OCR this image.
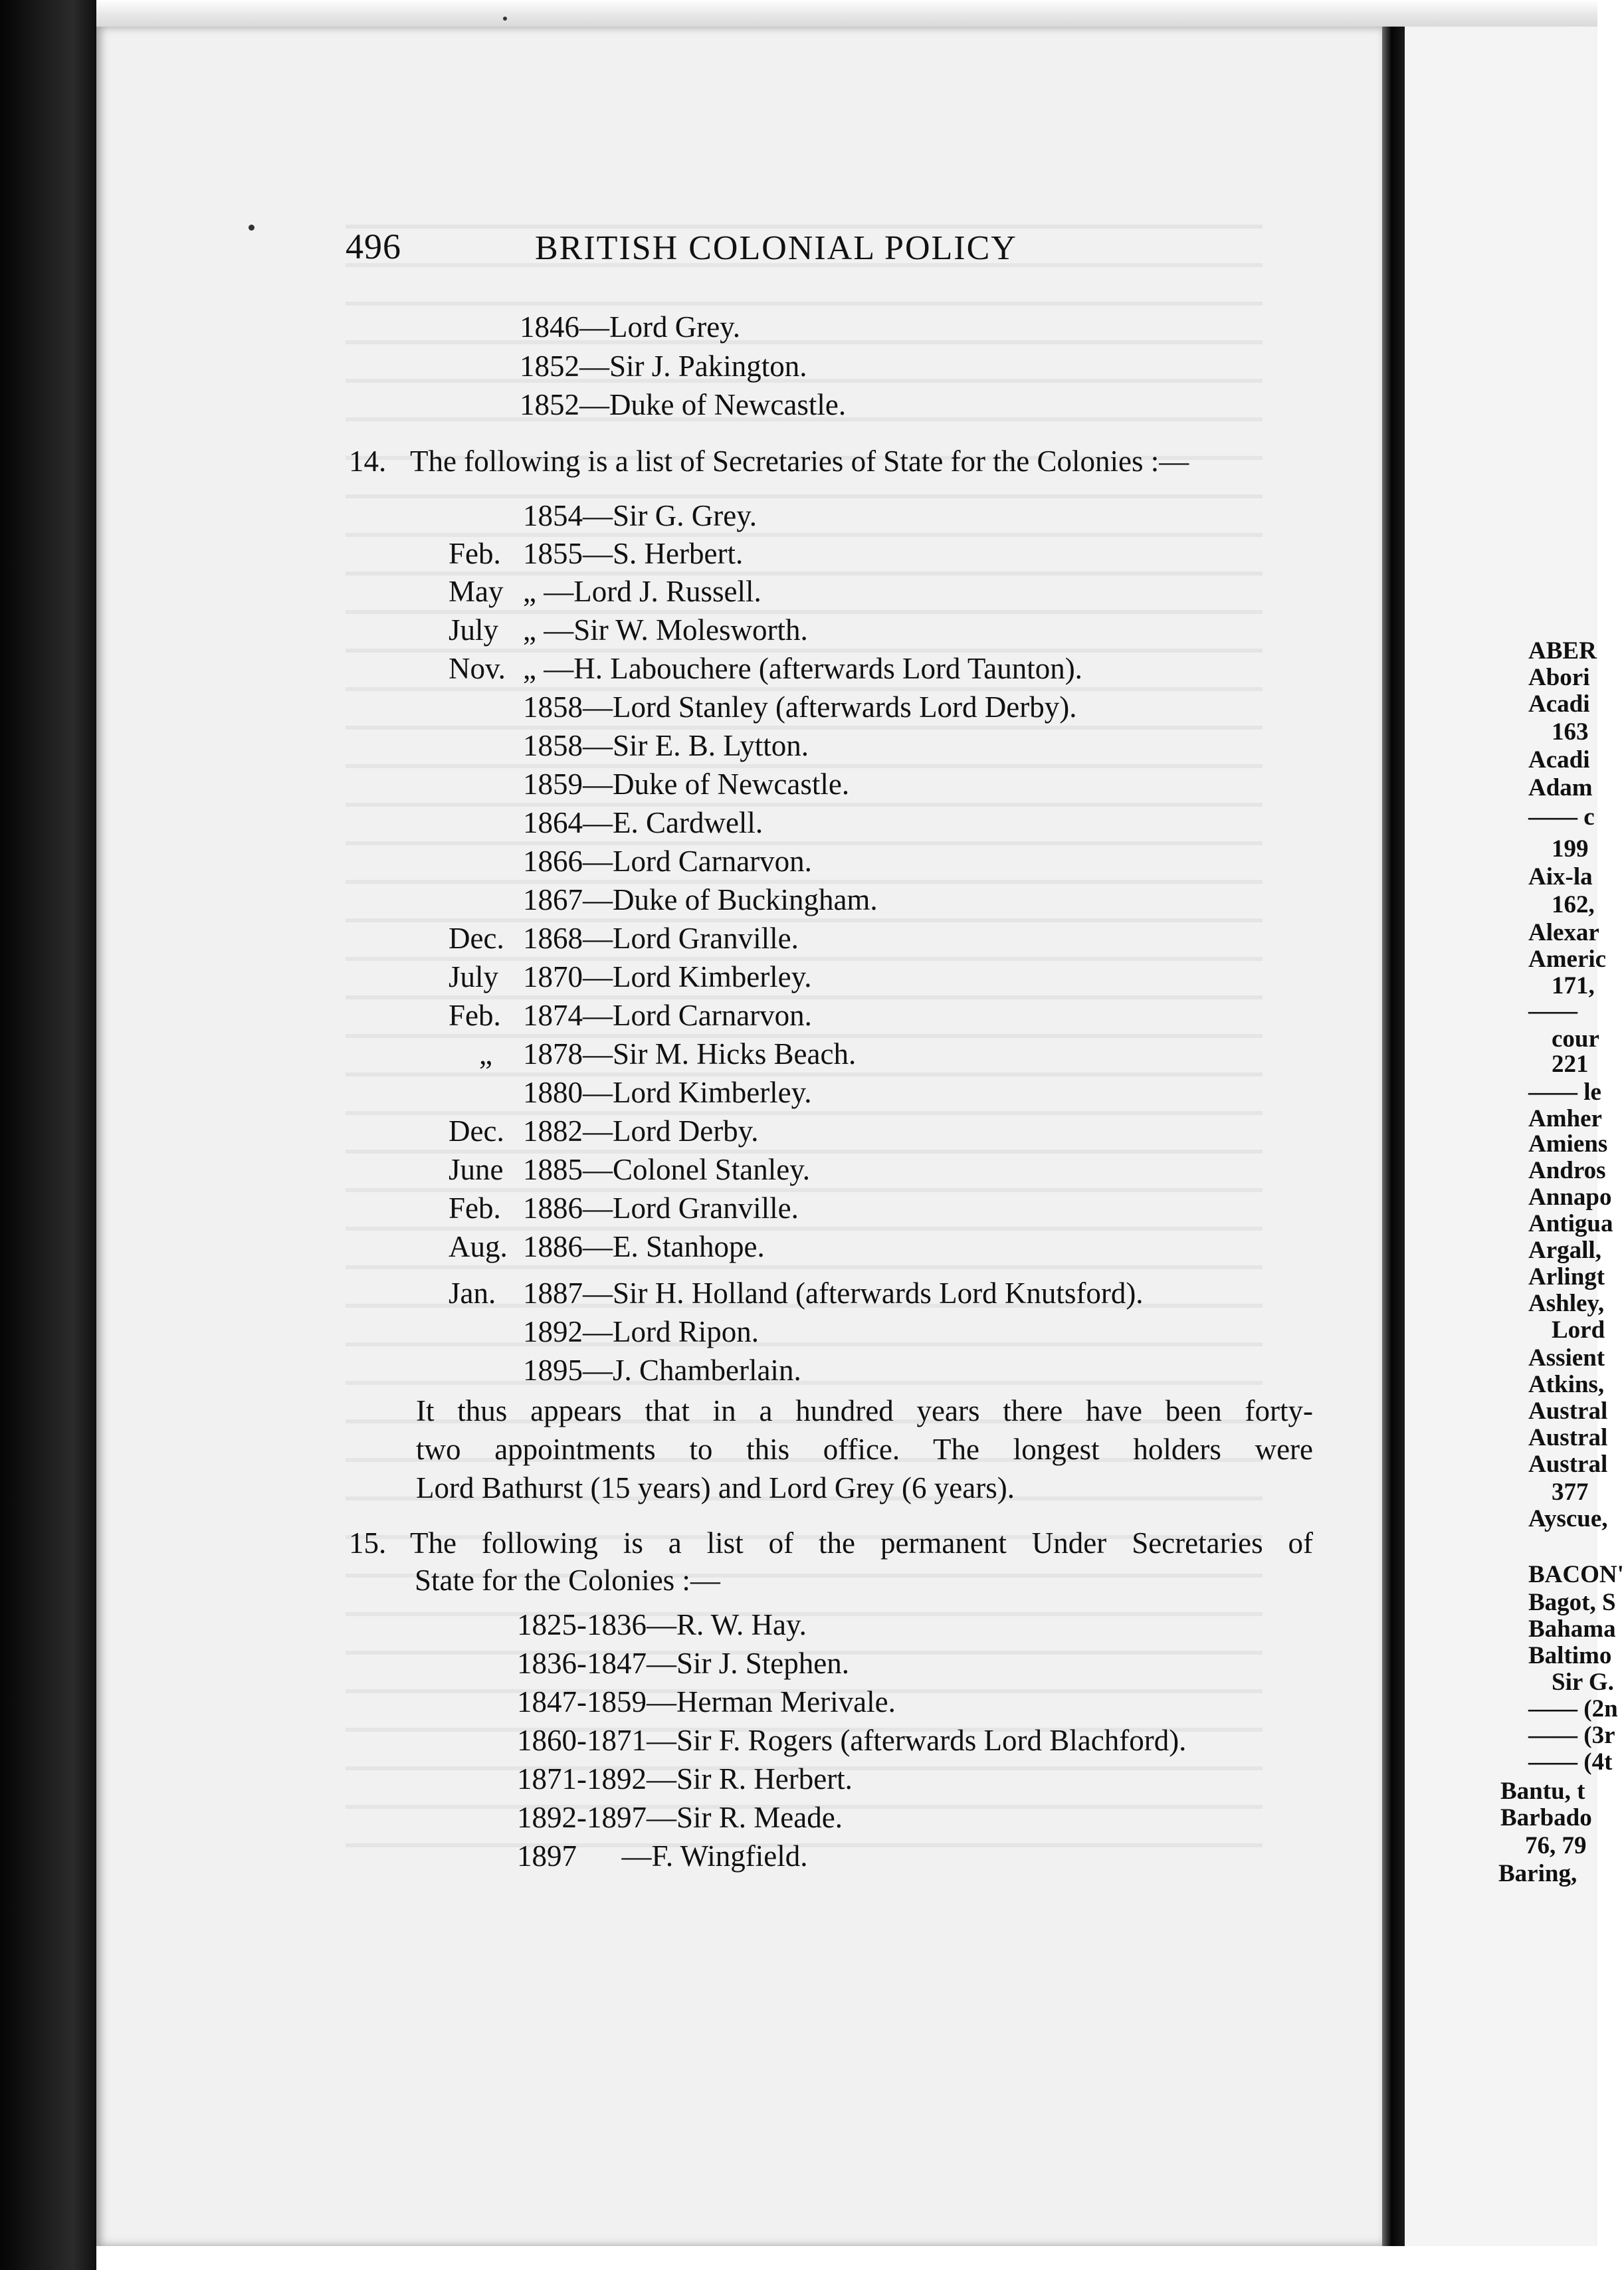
496	BRITISH COLONIAL POLICY
1846—Lord Grey.
1852—Sir J. Pakington.
1852—Duke of Newcastle.
14. The following is a list of Secretaries of State for the Colonies :—
1854—Sir G. Grey.
Feb. 1855—S. Herbert.
May „ —Lord J. Russell.
July „ —Sir W. Molesworth.
Nov. „ —H. Labouchere (afterwards Lord Taunton).
1858—Lord Stanley (afterwards Lord Derby).
1858—Sir E. B. Lytton.
1859—Duke of Newcastle.
1864—E. Cardwell.
1866—Lord Carnarvon.
1867—Duke of Buckingham.
Dec. 1868—Lord Granville.
July 1870—Lord Kimberley.
Feb. 1874—Lord Carnarvon.
„ 1878—Sir M. Hicks Beach.
1880—Lord Kimberley.
Dec. 1882—Lord Derby.
June 1885—Colonel Stanley.
Feb. 1886—Lord Granville.
Aug. 1886—E. Stanhope.
Jan. 1887—Sir H. Holland (afterwards Lord Knutsford).
1892—Lord Ripon.
1895—J. Chamberlain.
It thus appears that in a hundred years there have been forty-
two appointments to this office. The longest holders were
Lord Bathurst (15 years) and Lord Grey (6 years).
15. The following is a list of the permanent Under Secretaries of
State for the Colonies :—
1825-1836—R. W. Hay.
1836-1847—Sir J. Stephen.
1847-1859—Herman Merivale.
1860-1871—Sir F. Rogers (afterwards Lord Blachford).
1871-1892—Sir R. Herbert.
1892-1897—Sir R. Meade.
1897      —F. Wingfield.
ABER
Abori
Acadi
163
Acadi
Adam
—— c
199
Aix-la
162,
Alexar
Americ
171,
——
cour
221
—— le
Amher
Amiens
Andros
Annapo
Antigua
Argall,
Arlingt
Ashley,
Lord
Assient
Atkins,
Austral
Austral
Austral
377
Ayscue,
BACON'
Bagot, S
Bahama
Baltimo
Sir G.
—— (2n
—— (3r
—— (4t
Bantu, t
Barbado
76, 79
Baring,
